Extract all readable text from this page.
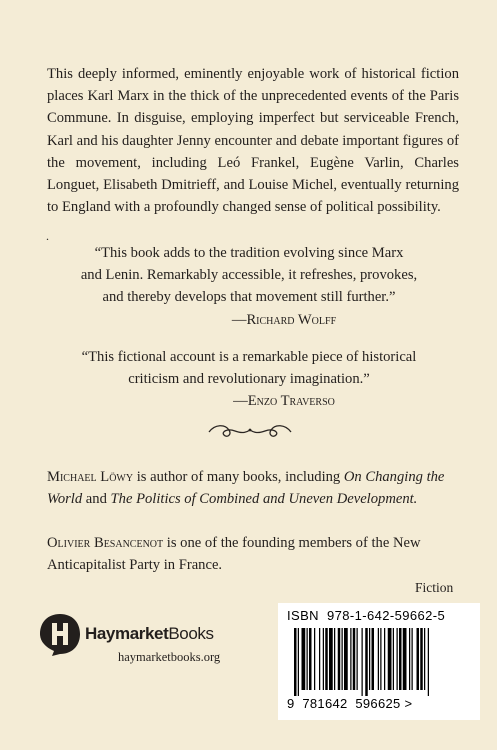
This deeply informed, eminently enjoyable work of historical fiction places Karl Marx in the thick of the unprecedented events of the Paris Commune. In disguise, employing imperfect but serviceable French, Karl and his daughter Jenny encounter and debate important figures of the movement, including Leó Frankel, Eugène Varlin, Charles Longuet, Elisabeth Dmitrieff, and Louise Michel, eventually returning to England with a profoundly changed sense of political possibility.

.
“This book adds to the tradition evolving since Marx
and Lenin. Remarkably accessible, it refreshes, provokes,
and thereby develops that movement still further.”
—Richard Wolff
“This fictional account is a remarkable piece of historical
criticism and revolutionary imagination.”
—Enzo Traverso

Michael Löwy is author of many books, including On Changing the World and The Politics of Combined and Uneven Development.

Olivier Besancenot is one of the founding members of the New Anticapitalist Party in France.

Fiction
ISBN 978-1-642-59662-5
9 781642 596625 >
HaymarketBooks
haymarketbooks.org
